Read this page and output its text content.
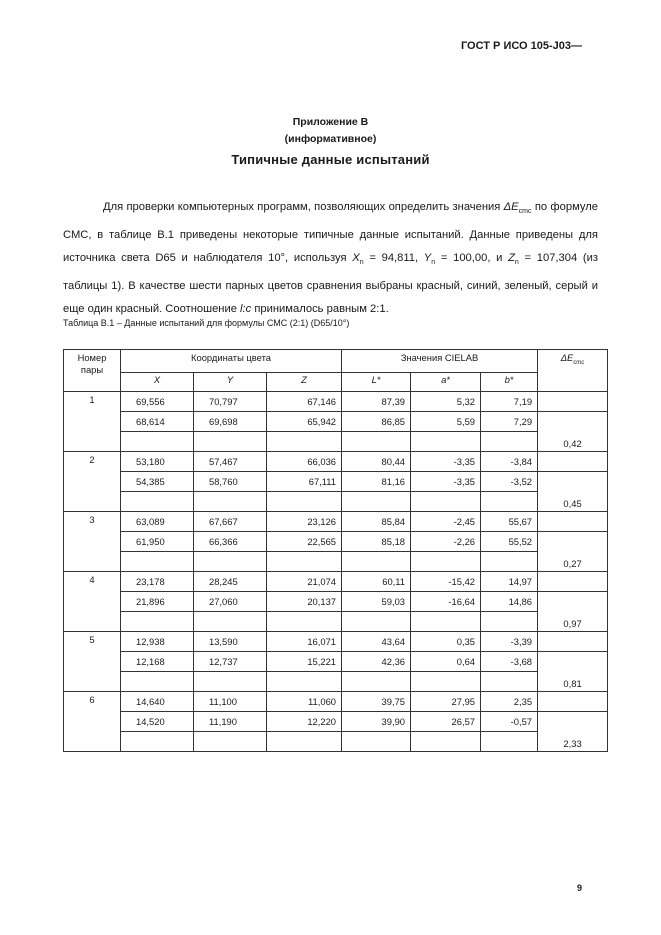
ГОСТ Р ИСО 105-J03—
Приложение В
(информативное)
Типичные данные испытаний
Для проверки компьютерных программ, позволяющих определить значения $\Delta E_{cmc}$ по формуле СМС, в таблице В.1 приведены некоторые типичные данные испытаний. Данные приведены для источника света D65 и наблюдателя 10°, используя $X_n = 94,811$, $Y_n = 100,00$, и $Z_n = 107,304$ (из таблицы 1). В качестве шести парных цветов сравнения выбраны красный, синий, зеленый, серый и еще один красный. Соотношение l:c принималось равным 2:1.
Таблица В.1 – Данные испытаний для формулы СМС (2:1) (D65/10°)
Номер
пары	Координаты цвета			Значения CIELAB			$\Delta E_{cmc}$
	X	Y	Z	L*	a*	b*	
1	69,556	70,797	67,146	87,39	5,32	7,19	
	68,614	69,698	65,942	86,85	5,59	7,29	0,42

2	53,180	57,467	66,036	80,44	-3,35	-3,84	
	54,385	58,760	67,111	81,16	-3,35	-3,52	0,45

3	63,089	67,667	23,126	85,84	-2,45	55,67	
	61,950	66,366	22,565	85,18	-2,26	55,52	0,27

4	23,178	28,245	21,074	60,11	-15,42	14,97	
	21,896	27,060	20,137	59,03	-16,64	14,86	0,97

5	12,938	13,590	16,071	43,64	0,35	-3,39	
	12,168	12,737	15,221	42,36	0,64	-3,68	0,81

6	14,640	11,100	11,060	39,75	27,95	2,35	
	14,520	11,190	12,220	39,90	26,57	-0,57	2,33

9
